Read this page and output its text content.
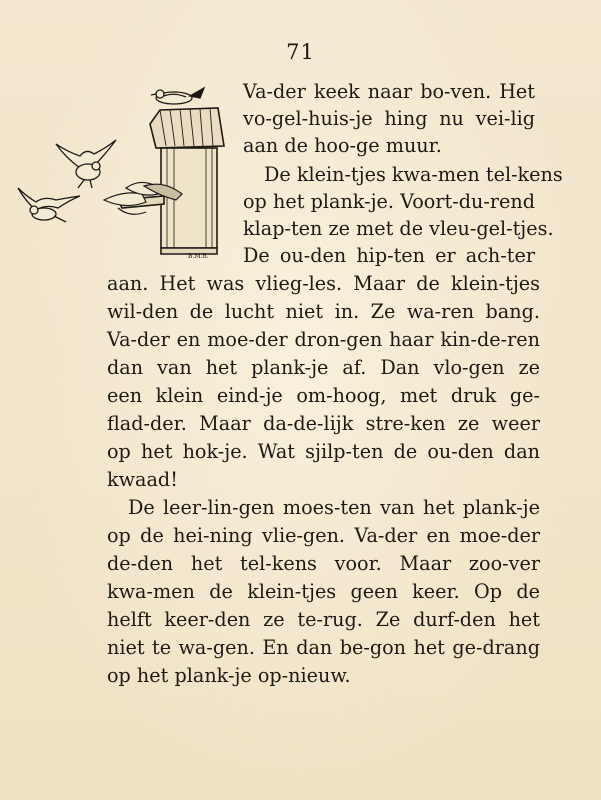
71
B.M.B.
Va-der keek naar bo-ven. Het
vo-gel-huis-je hing nu vei-lig
aan de hoo-ge muur.
De klein-tjes kwa-men tel-kens
op het plank-je. Voort-du-rend
klap-ten ze met de vleu-gel-tjes.
De ou-den hip-ten er ach-ter
aan. Het was vlieg-les. Maar de klein-tjes
wil-den de lucht niet in. Ze wa-ren bang.
Va-der en moe-der dron-gen haar kin-de-ren
dan van het plank-je af. Dan vlo-gen ze
een klein eind-je om-hoog, met druk ge-
flad-der. Maar da-de-lijk stre-ken ze weer
op het hok-je. Wat sjilp-ten de ou-den dan
kwaad!
De leer-lin-gen moes-ten van het plank-je
op de hei-ning vlie-gen. Va-der en moe-der
de-den het tel-kens voor. Maar zoo-ver
kwa-men de klein-tjes geen keer. Op de
helft keer-den ze te-rug. Ze durf-den het
niet te wa-gen. En dan be-gon het ge-drang
op het plank-je op-nieuw.
